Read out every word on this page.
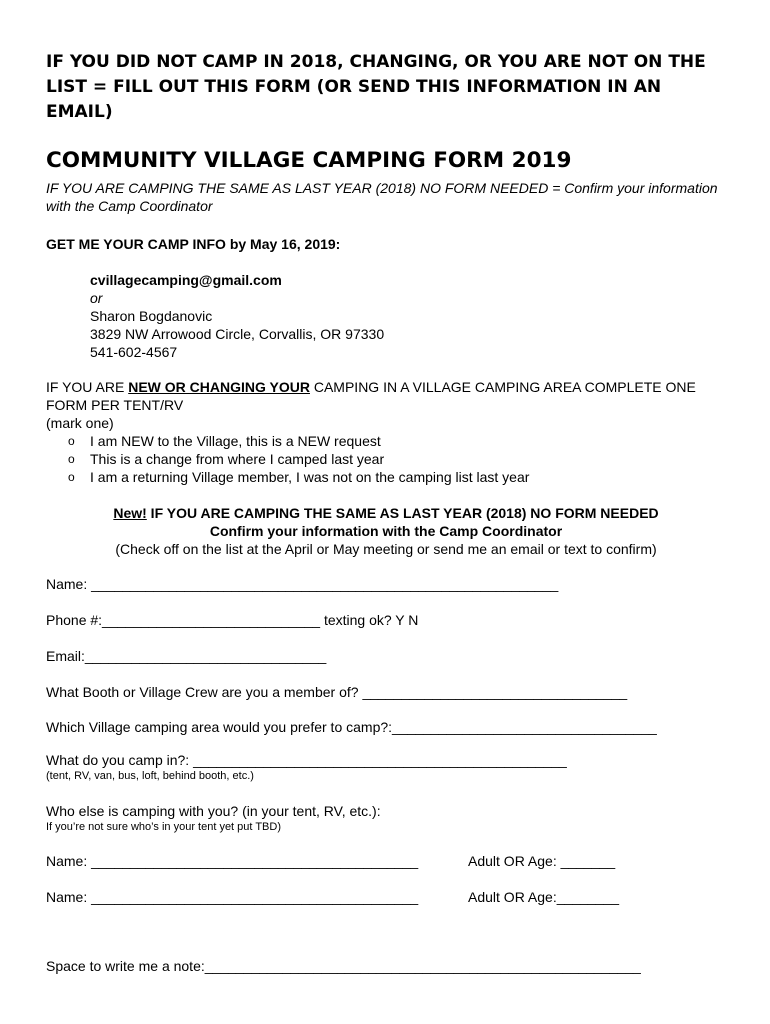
IF YOU DID NOT CAMP IN 2018, CHANGING, OR YOU ARE NOT ON THE LIST = FILL OUT THIS FORM (OR SEND THIS INFORMATION IN AN EMAIL)
COMMUNITY VILLAGE CAMPING FORM 2019
IF YOU ARE CAMPING THE SAME AS LAST YEAR (2018) NO FORM NEEDED = Confirm your information with the Camp Coordinator
GET ME YOUR CAMP INFO by May 16, 2019:
cvillagecamping@gmail.com
or
Sharon Bogdanovic
3829 NW Arrowood Circle, Corvallis, OR 97330
541-602-4567
IF YOU ARE NEW OR CHANGING YOUR CAMPING IN A VILLAGE CAMPING AREA COMPLETE ONE FORM PER TENT/RV
(mark one)
o	I am NEW to the Village, this is a NEW request
o	This is a change from where I camped last year
o	I am a returning Village member, I was not on the camping list last year
New! IF YOU ARE CAMPING THE SAME AS LAST YEAR (2018) NO FORM NEEDED
Confirm your information with the Camp Coordinator
(Check off on the list at the April or May meeting or send me an email or text to confirm)
Name: ____________________________________________________________
Phone #:____________________________ texting ok? Y N
Email:_______________________________
What Booth or Village Crew are you a member of? __________________________________
Which Village camping area would you prefer to camp?:__________________________________
What do you camp in?: ________________________________________________
(tent, RV, van, bus, loft, behind booth, etc.)
Who else is camping with you? (in your tent, RV, etc.):
If you’re not sure who’s in your tent yet put TBD)
Name: __________________________________________	Adult OR Age: _______
Name: __________________________________________	Adult OR Age:________
Space to write me a note:________________________________________________________
